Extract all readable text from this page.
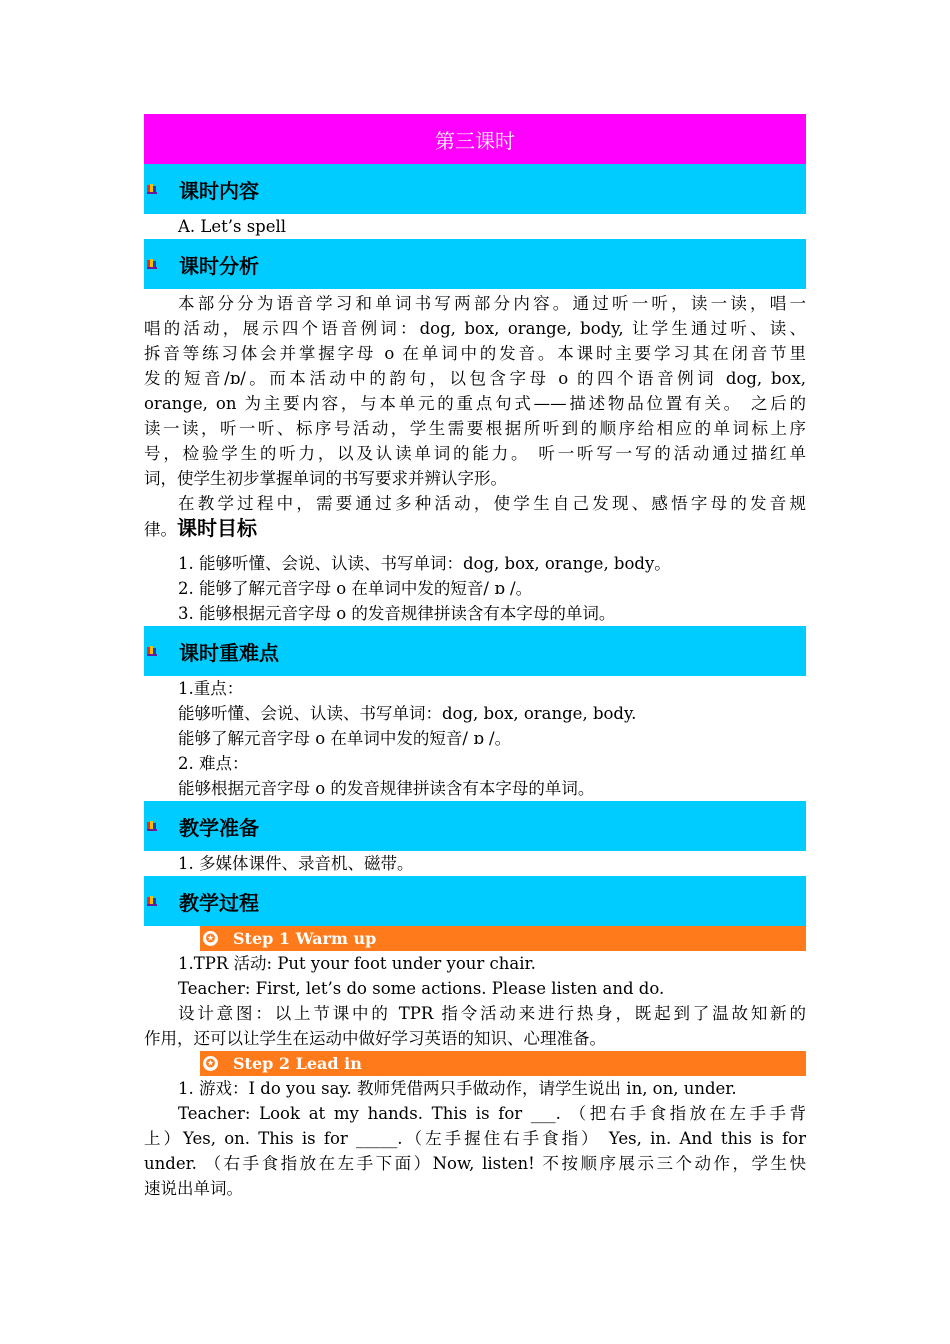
第三课时
课时内容
A. Let’s spell
课时分析
本部分分为语音学习和单词书写两部分内容。通过听一听，读一读，唱一
唱的活动，展示四个语音例词：dog, box, orange, body, 让学生通过听、读、
拆音等练习体会并掌握字母 o 在单词中的发音。本课时主要学习其在闭音节里
发的短音/ɒ/。而本活动中的韵句，以包含字母 o 的四个语音例词 dog, box,
orange, on 为主要内容，与本单元的重点句式——描述物品位置有关。 之后的
读一读，听一听、标序号活动，学生需要根据所听到的顺序给相应的单词标上序
号，检验学生的听力，以及认读单词的能力。 听一听写一写的活动通过描红单
词，使学生初步掌握单词的书写要求并辨认字形。
在教学过程中，需要通过多种活动，使学生自己发现、感悟字母的发音规
律。课时目标
1. 能够听懂、会说、认读、书写单词：dog, box, orange, body。
2. 能够了解元音字母 o 在单词中发的短音/ ɒ /。
3. 能够根据元音字母 o 的发音规律拼读含有本字母的单词。
课时重难点
1.重点：
能够听懂、会说、认读、书写单词：dog, box, orange, body.
能够了解元音字母 o 在单词中发的短音/ ɒ /。
2. 难点：
能够根据元音字母 o 的发音规律拼读含有本字母的单词。
教学准备
1. 多媒体课件、录音机、磁带。
教学过程
✪ Step 1 Warm up
1.TPR 活动: Put your foot under your chair.
Teacher: First, let’s do some actions. Please listen and do.
设计意图：以上节课中的 TPR 指令活动来进行热身，既起到了温故知新的
作用，还可以让学生在运动中做好学习英语的知识、心理准备。
✪ Step 2 Lead in
1. 游戏：I do you say. 教师凭借两只手做动作，请学生说出 in, on, under.
Teacher: Look at my hands. This is for ___. （把右手食指放在左手手背
上）Yes, on. This is for _____.（左手握住右手食指） Yes, in. And this is for
under. （右手食指放在左手下面）Now, listen! 不按顺序展示三个动作，学生快
速说出单词。
